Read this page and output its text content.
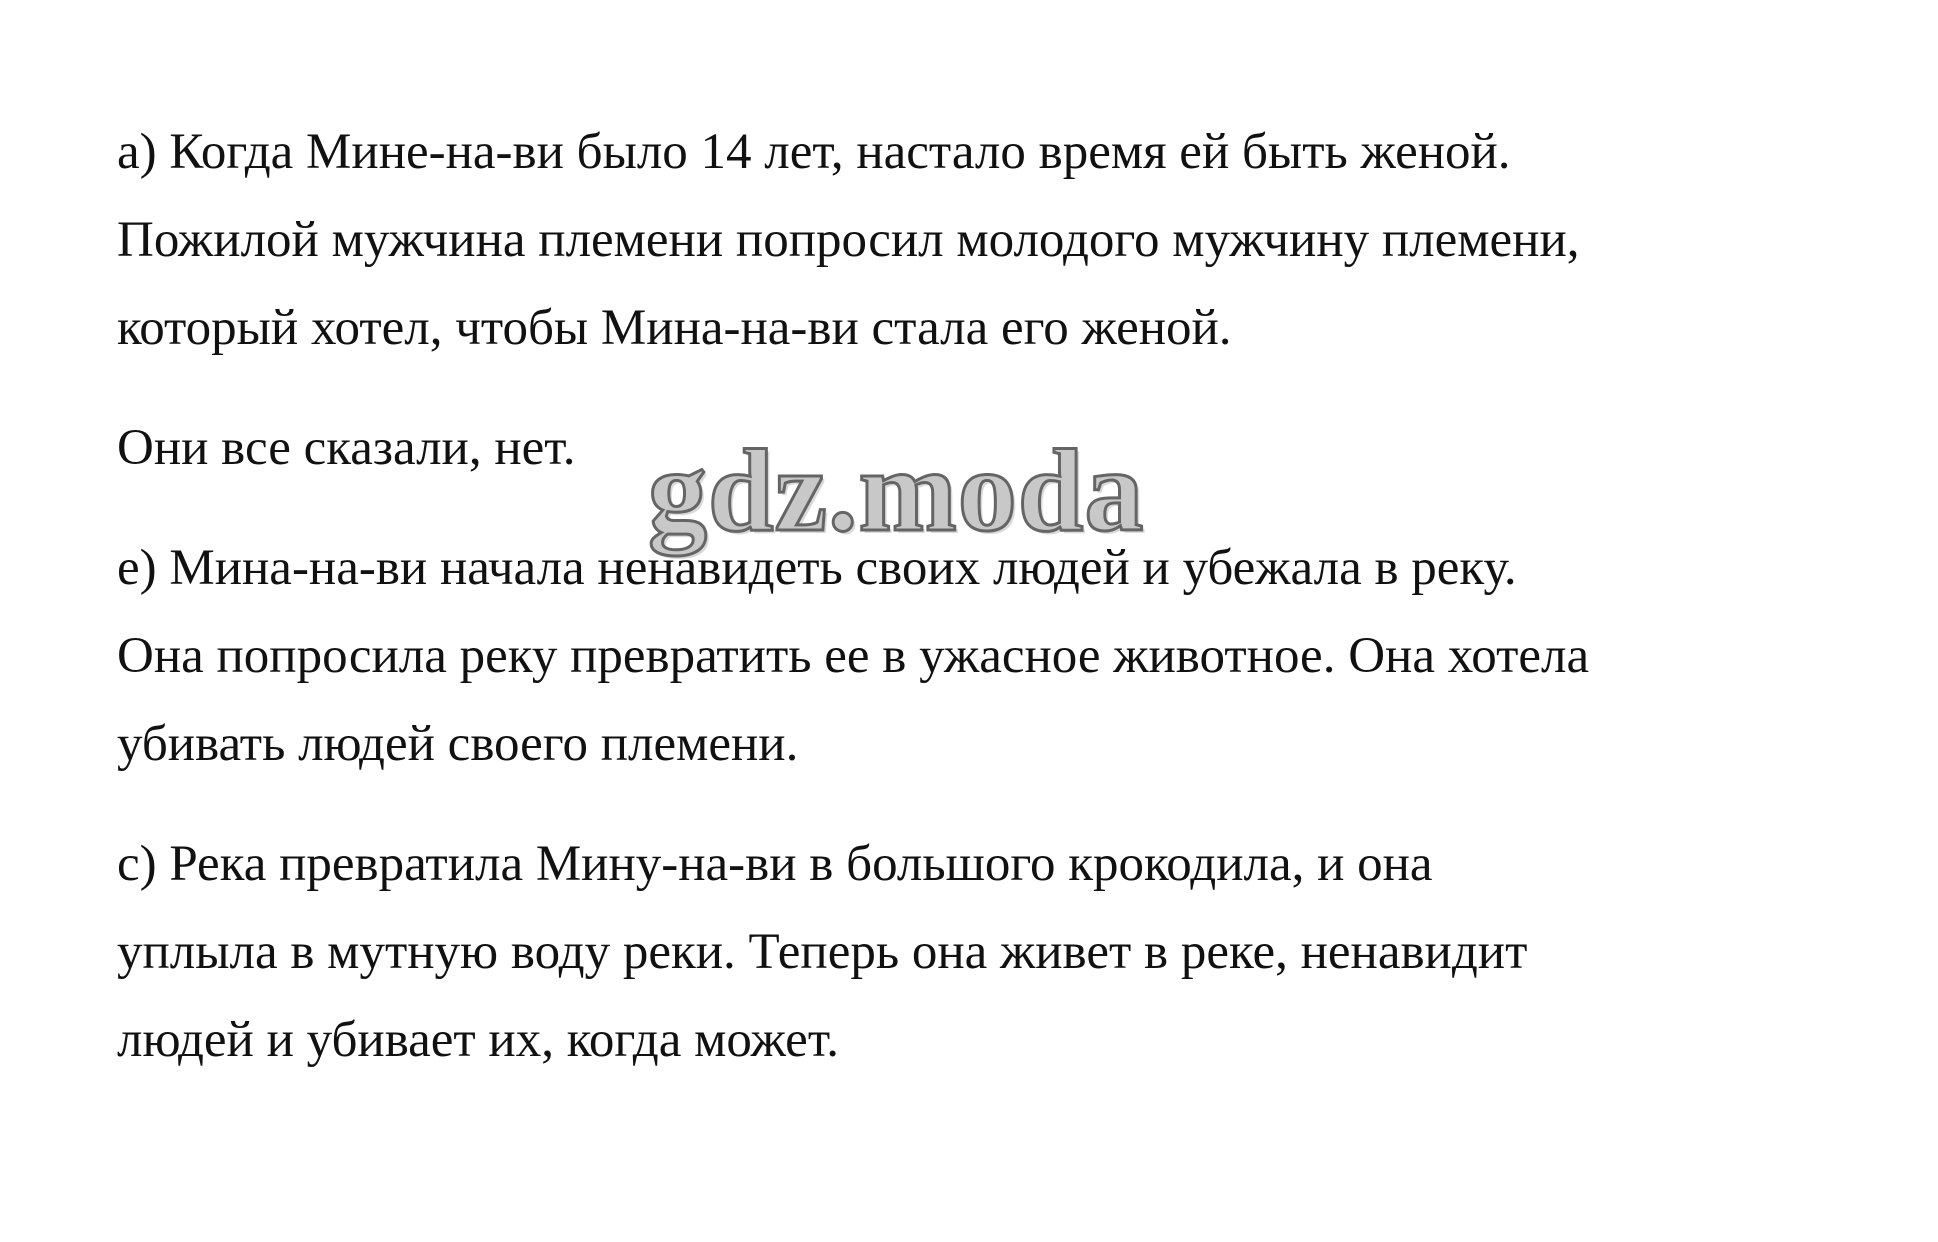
а) Когда Мине-на-ви было 14 лет, настало время ей быть женой.
Пожилой мужчина племени попросил молодого мужчину племени,
который хотел, чтобы Мина-на-ви стала его женой.

Они все сказали, нет.

е) Мина-на-ви начала ненавидеть своих людей и убежала в реку.
Она попросила реку превратить ее в ужасное животное. Она хотела
убивать людей своего племени.

с) Река превратила Мину-на-ви в большого крокодила, и она
уплыла в мутную воду реки. Теперь она живет в реке, ненавидит
людей и убивает их, когда может.

gdz.moda
